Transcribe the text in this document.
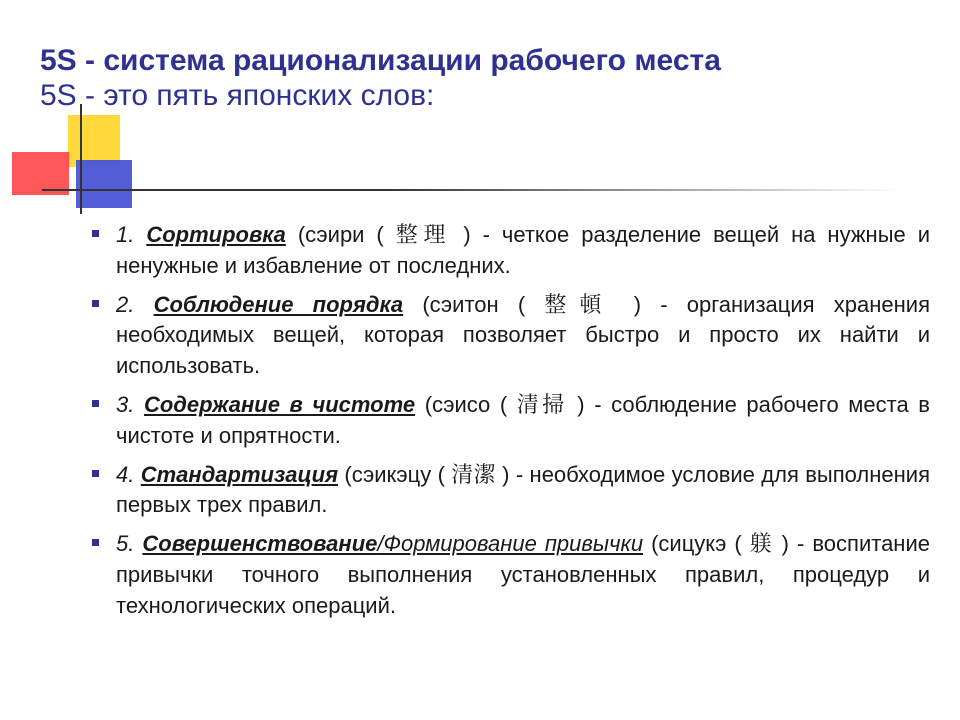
5S - система рационализации рабочего места
5S - это пять японских слов:
1. Сортировка (сэири ( 整理 ) - четкое разделение вещей на нужные и ненужные и избавление от последних.
2. Соблюдение порядка (сэитон ( 整頓 ) - организация хранения необходимых вещей, которая позволяет быстро и просто их найти и использовать.
3. Содержание в чистоте (сэисо ( 清掃 ) - соблюдение рабочего места в чистоте и опрятности.
4. Стандартизация (сэикэцу ( 清潔 ) - необходимое условие для выполнения первых трех правил.
5. Совершенствование/Формирование привычки (сицукэ ( 躾 ) - воспитание привычки точного выполнения установленных правил, процедур и технологических операций.
